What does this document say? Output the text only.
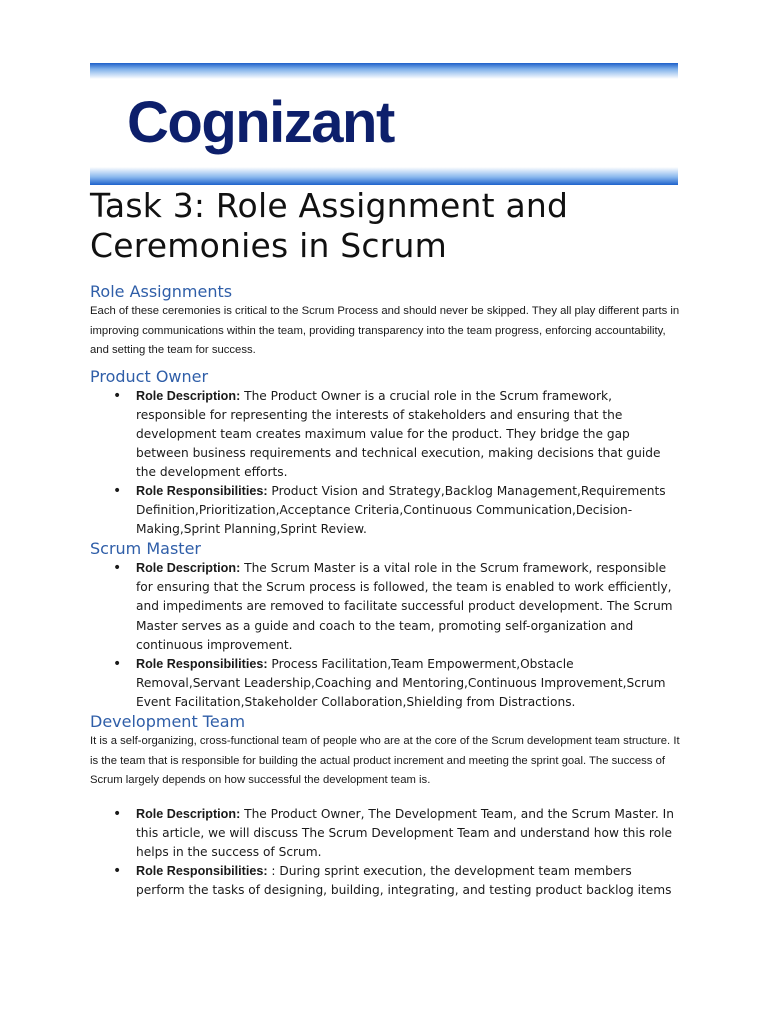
Cognizant
Task 3: Role Assignment and Ceremonies in Scrum
Role Assignments

Each of these ceremonies is critical to the Scrum Process and should never be skipped. They all play different parts in improving communications within the team, providing transparency into the team progress, enforcing accountability, and setting the team for success.

Product Owner
• Role Description: The Product Owner is a crucial role in the Scrum framework, responsible for representing the interests of stakeholders and ensuring that the development team creates maximum value for the product. They bridge the gap between business requirements and technical execution, making decisions that guide the development efforts.
• Role Responsibilities: Product Vision and Strategy,Backlog Management,Requirements Definition,Prioritization,Acceptance Criteria,Continuous Communication,Decision-Making,Sprint Planning,Sprint Review.
Scrum Master
• Role Description: The Scrum Master is a vital role in the Scrum framework, responsible for ensuring that the Scrum process is followed, the team is enabled to work efficiently, and impediments are removed to facilitate successful product development. The Scrum Master serves as a guide and coach to the team, promoting self-organization and continuous improvement.
• Role Responsibilities: Process Facilitation,Team Empowerment,Obstacle Removal,Servant Leadership,Coaching and Mentoring,Continuous Improvement,Scrum Event Facilitation,Stakeholder Collaboration,Shielding from Distractions.
Development Team

It is a self-organizing, cross-functional team of people who are at the core of the Scrum development team structure. It is the team that is responsible for building the actual product increment and meeting the sprint goal. The success of Scrum largely depends on how successful the development team is.

• Role Description: The Product Owner, The Development Team, and the Scrum Master. In this article, we will discuss The Scrum Development Team and understand how this role helps in the success of Scrum.
• Role Responsibilities: : During sprint execution, the development team members perform the tasks of designing, building, integrating, and testing product backlog items
